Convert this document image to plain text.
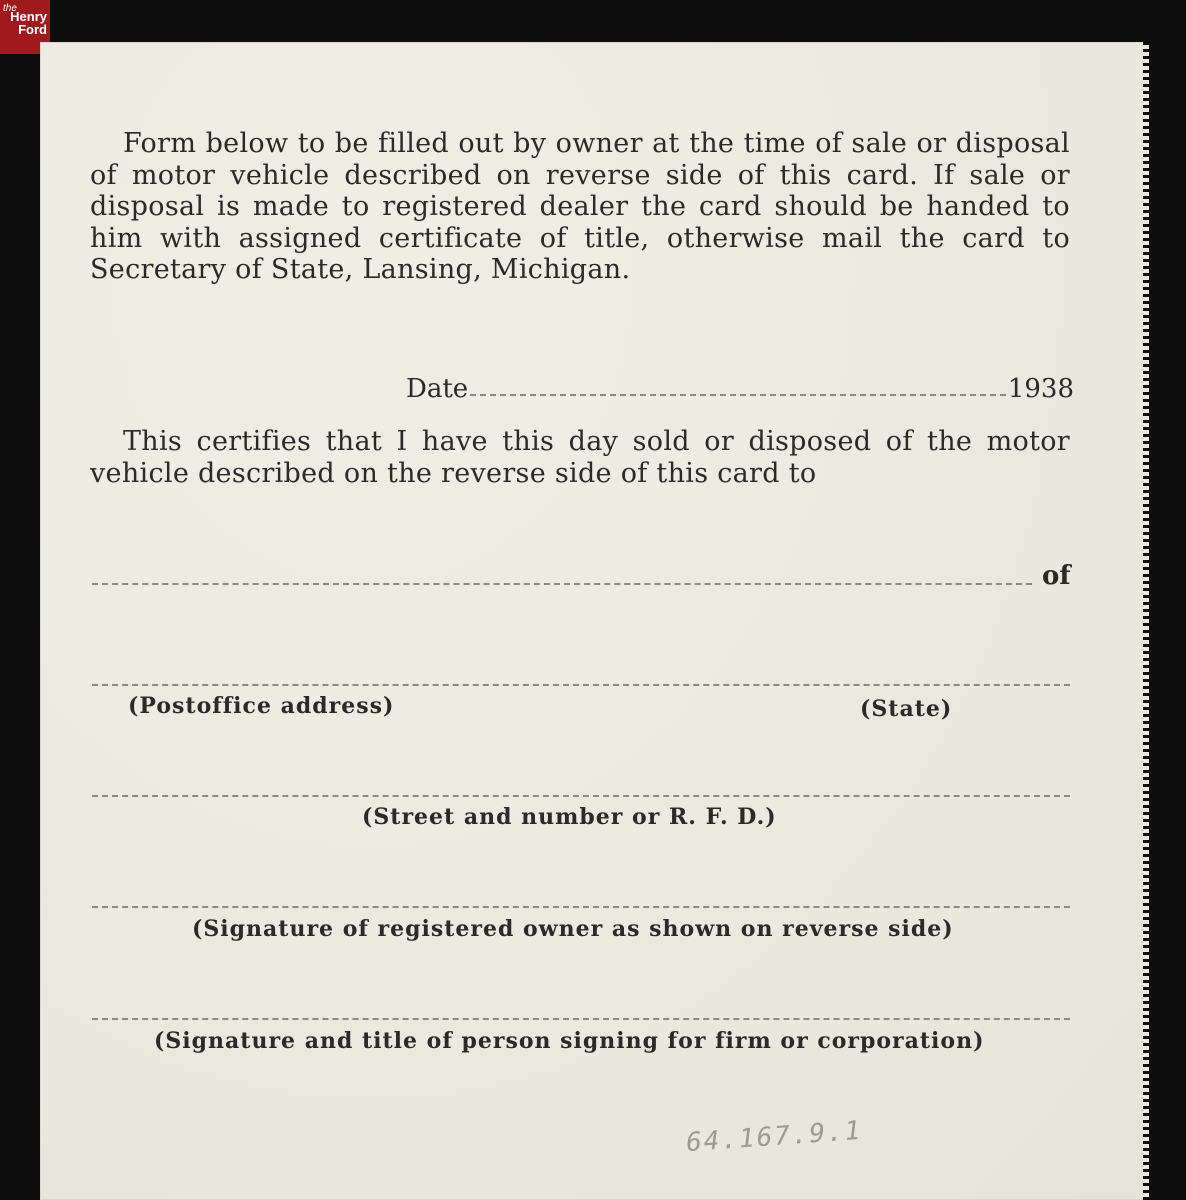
the
Henry
Ford
Form below to be filled out by owner at the time of sale or disposal of motor vehicle described on reverse side of this card. If sale or disposal is made to registered dealer the card should be handed to him with assigned certificate of title, otherwise mail the card to Secretary of State, Lansing, Michigan.
Date	1938
This certifies that I have this day sold or disposed of the motor vehicle described on the reverse side of this card to
of
(Postoffice address)	(State)
(Street and number or R. F. D.)
(Signature of registered owner as shown on reverse side)
(Signature and title of person signing for firm or corporation)
64.167.9.1
